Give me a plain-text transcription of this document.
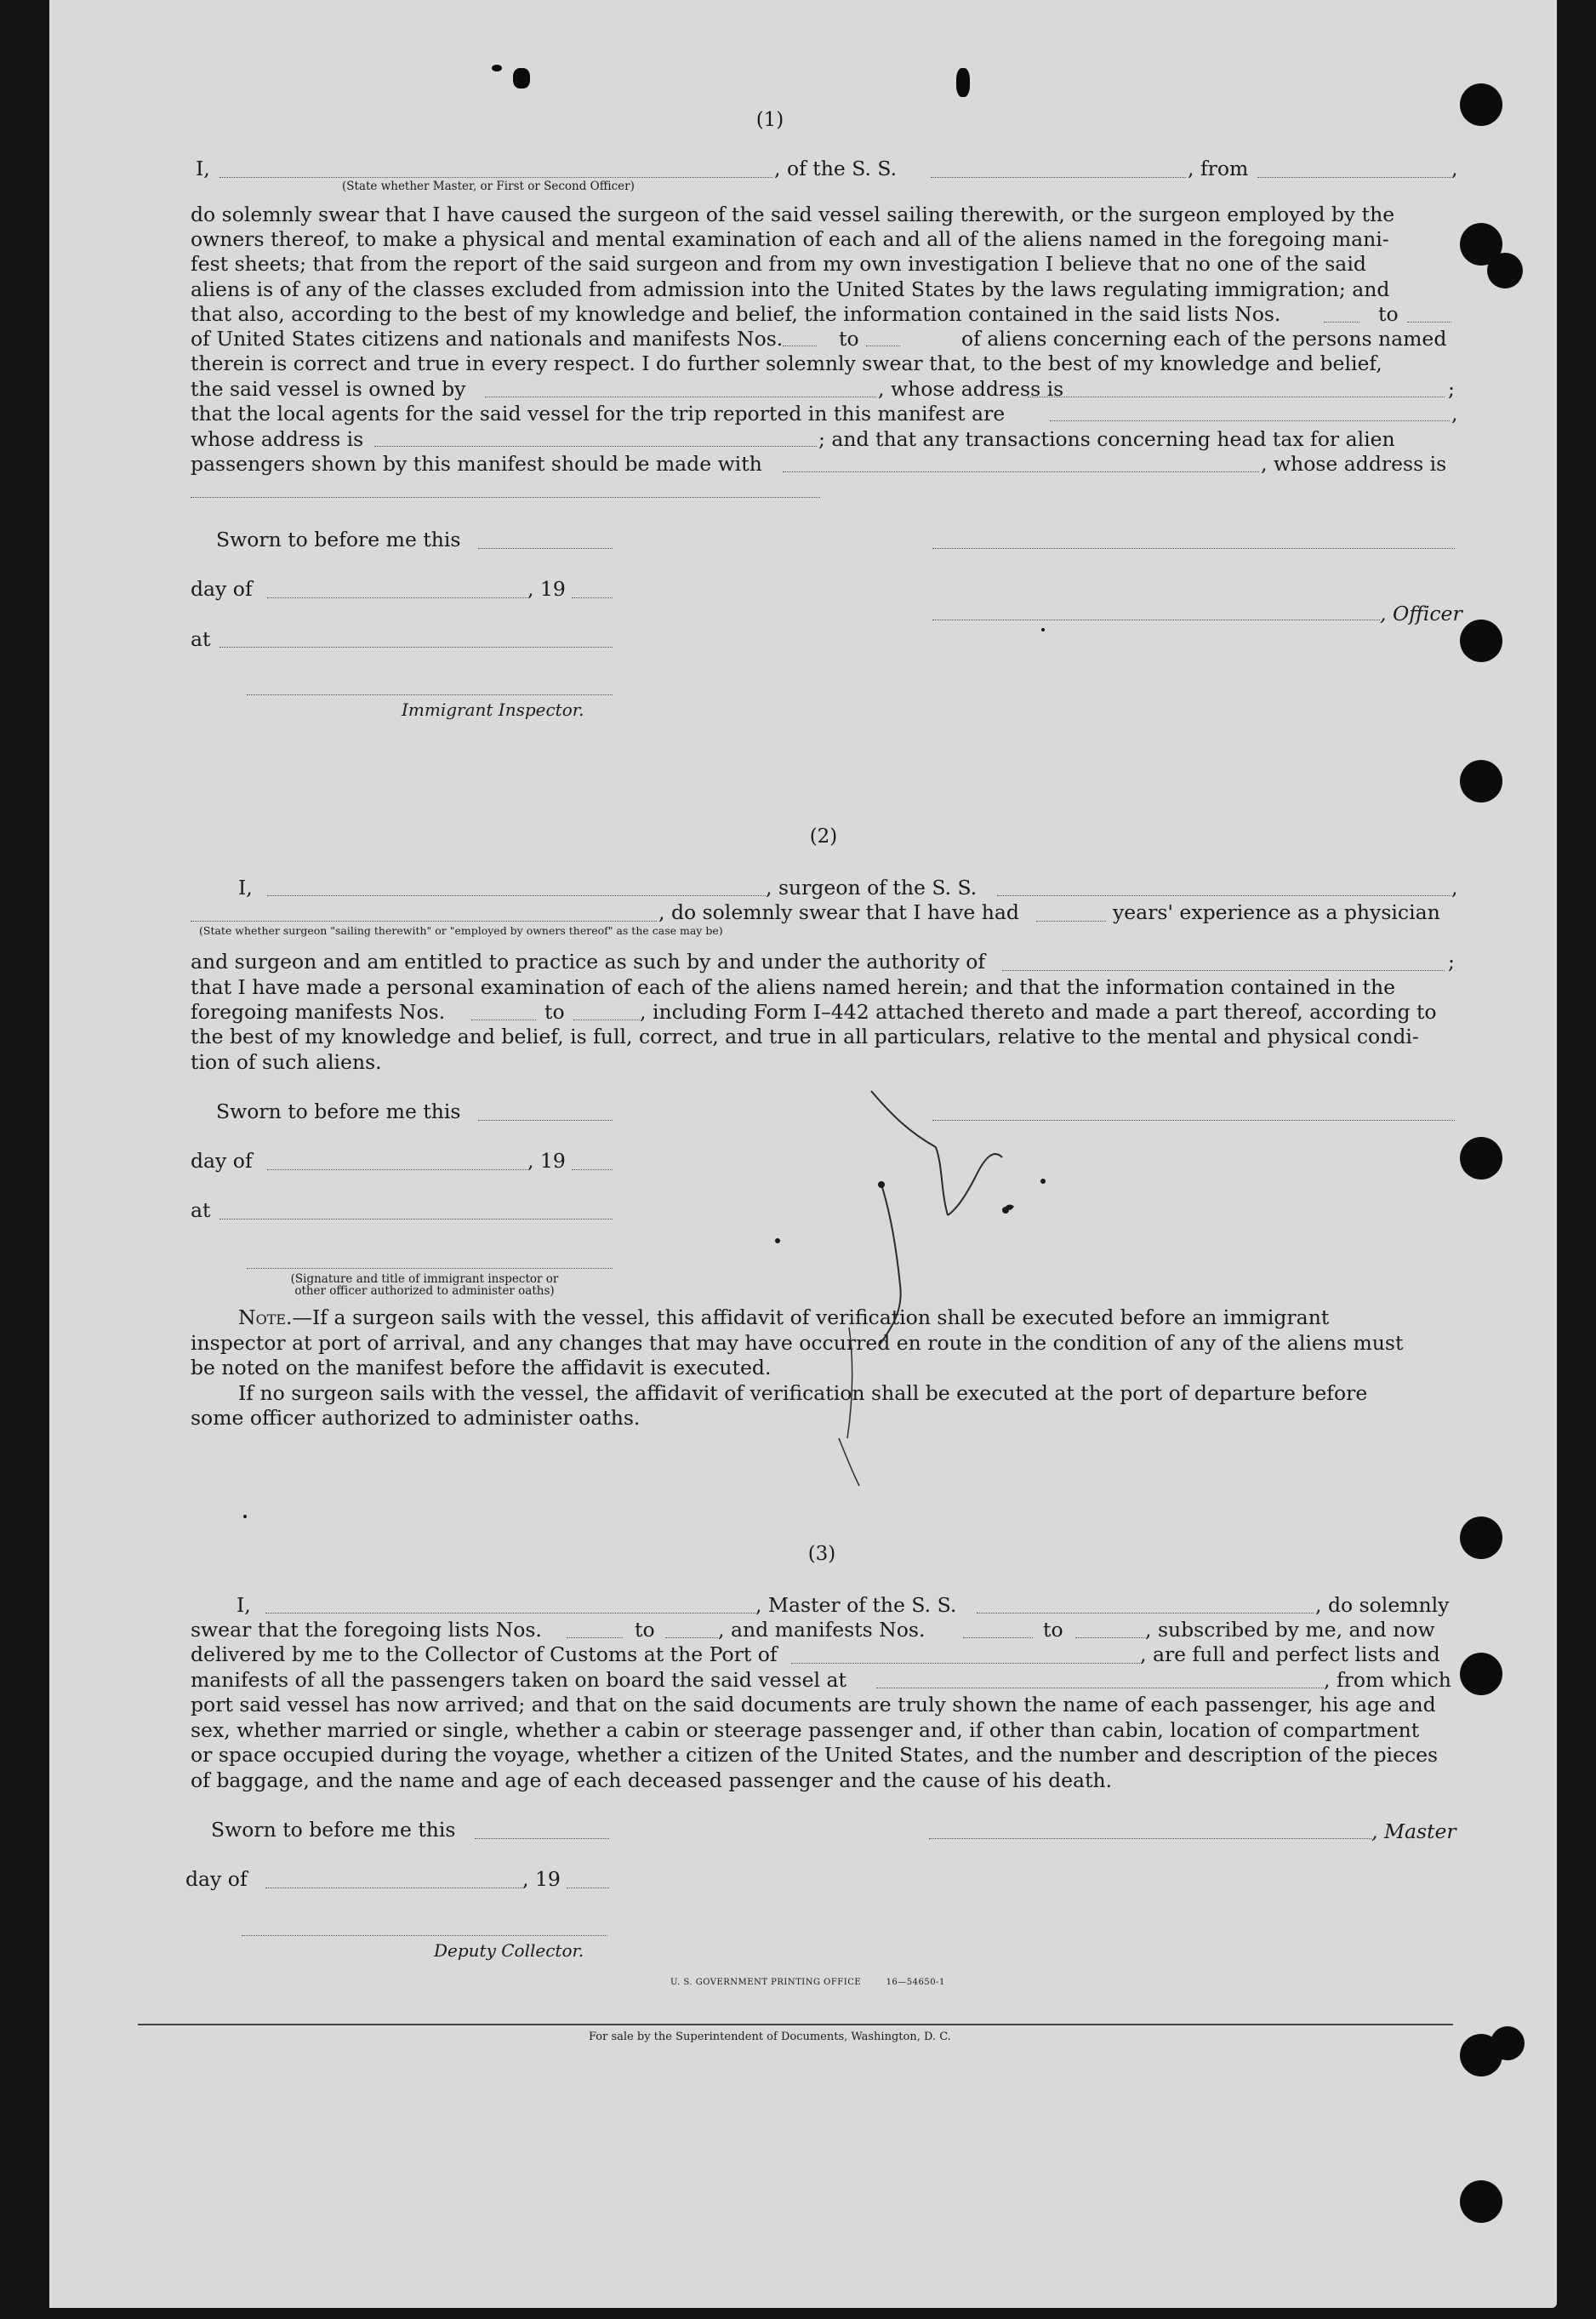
(1)
I,	, of the S. S.	, from	,
(State whether Master, or First or Second Officer)
do solemnly swear that I have caused the surgeon of the said vessel sailing therewith, or the surgeon employed by the
owners thereof, to make a physical and mental examination of each and all of the aliens named in the foregoing mani-
fest sheets; that from the report of the said surgeon and from my own investigation I believe that no one of the said
aliens is of any of the classes excluded from admission into the United States by the laws regulating immigration; and
that also, according to the best of my knowledge and belief, the information contained in the said lists Nos.	to
of United States citizens and nationals and manifests Nos.	to	of aliens concerning each of the persons named
therein is correct and true in every respect. I do further solemnly swear that, to the best of my knowledge and belief,
the said vessel is owned by	, whose address is	;
that the local agents for the said vessel for the trip reported in this manifest are	,
whose address is	; and that any transactions concerning head tax for alien
passengers shown by this manifest should be made with	, whose address is
Sworn to before me this
day of	, 19
, Officer
at
Immigrant Inspector.
(2)
I,	, surgeon of the S. S.	,
, do solemnly swear that I have had	years' experience as a physician
(State whether surgeon "sailing therewith" or "employed by owners thereof" as the case may be)
and surgeon and am entitled to practice as such by and under the authority of	;
that I have made a personal examination of each of the aliens named herein; and that the information contained in the
foregoing manifests Nos.	to	, including Form I–442 attached thereto and made a part thereof, according to
the best of my knowledge and belief, is full, correct, and true in all particulars, relative to the mental and physical condi-
tion of such aliens.
Sworn to before me this
day of	, 19
at
(Signature and title of immigrant inspector or
other officer authorized to administer oaths)
Note.—If a surgeon sails with the vessel, this affidavit of verification shall be executed before an immigrant
inspector at port of arrival, and any changes that may have occurred en route in the condition of any of the aliens must
be noted on the manifest before the affidavit is executed.
If no surgeon sails with the vessel, the affidavit of verification shall be executed at the port of departure before
some officer authorized to administer oaths.
(3)
I,	, Master of the S. S.	, do solemnly
swear that the foregoing lists Nos.	to	, and manifests Nos.	to	, subscribed by me, and now
delivered by me to the Collector of Customs at the Port of	, are full and perfect lists and
manifests of all the passengers taken on board the said vessel at	, from which
port said vessel has now arrived; and that on the said documents are truly shown the name of each passenger, his age and
sex, whether married or single, whether a cabin or steerage passenger and, if other than cabin, location of compartment
or space occupied during the voyage, whether a citizen of the United States, and the number and description of the pieces
of baggage, and the name and age of each deceased passenger and the cause of his death.
Sworn to before me this	, Master
day of	, 19
Deputy Collector.
U. S. GOVERNMENT PRINTING OFFICE        16—54650-1
For sale by the Superintendent of Documents, Washington, D. C.
